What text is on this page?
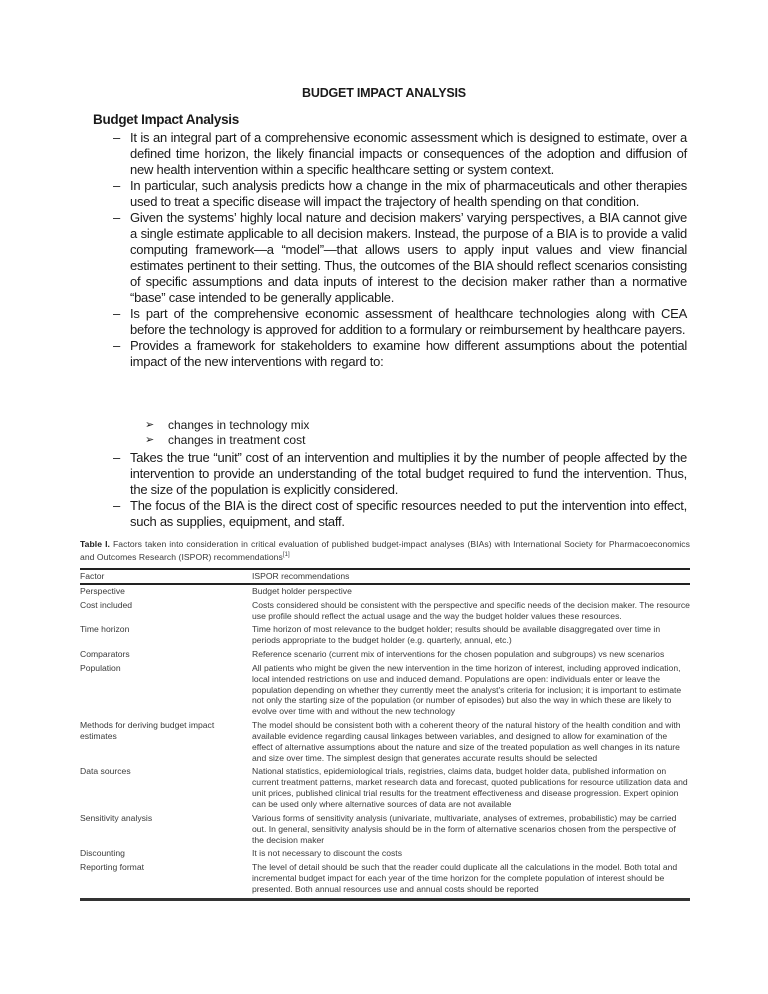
BUDGET IMPACT ANALYSIS
Budget Impact Analysis
– It is an integral part of a comprehensive economic assessment which is designed to estimate, over a defined time horizon, the likely financial impacts or consequences of the adoption and diffusion of new health intervention within a specific healthcare setting or system context.
– In particular, such analysis predicts how a change in the mix of pharmaceuticals and other therapies used to treat a specific disease will impact the trajectory of health spending on that condition.
– Given the systems’ highly local nature and decision makers’ varying perspectives, a BIA cannot give a single estimate applicable to all decision makers. Instead, the purpose of a BIA is to provide a valid computing framework—a “model”—that allows users to apply input values and view financial estimates pertinent to their setting. Thus, the outcomes of the BIA should reflect scenarios consisting of specific assumptions and data inputs of interest to the decision maker rather than a normative “base” case intended to be generally applicable.
– Is part of the comprehensive economic assessment of healthcare technologies along with CEA before the technology is approved for addition to a formulary or reimbursement by healthcare payers.
– Provides a framework for stakeholders to examine how different assumptions about the potential impact of the new interventions with regard to:
➢ changes in technology mix
➢ changes in treatment cost
– Takes the true “unit” cost of an intervention and multiplies it by the number of people affected by the intervention to provide an understanding of the total budget required to fund the intervention. Thus, the size of the population is explicitly considered.
– The focus of the BIA is the direct cost of specific resources needed to put the intervention into effect, such as supplies, equipment, and staff.
Table I. Factors taken into consideration in critical evaluation of published budget-impact analyses (BIAs) with International Society for Pharmacoeconomics and Outcomes Research (ISPOR) recommendations[1]
Factor	ISPOR recommendations
Perspective	Budget holder perspective
Cost included	Costs considered should be consistent with the perspective and specific needs of the decision maker. The resource use profile should reflect the actual usage and the way the budget holder values these resources.
Time horizon	Time horizon of most relevance to the budget holder; results should be available disaggregated over time in periods appropriate to the budget holder (e.g. quarterly, annual, etc.)
Comparators	Reference scenario (current mix of interventions for the chosen population and subgroups) vs new scenarios
Population	All patients who might be given the new intervention in the time horizon of interest, including approved indication, local intended restrictions on use and induced demand. Populations are open: individuals enter or leave the population depending on whether they currently meet the analyst's criteria for inclusion; it is important to estimate not only the starting size of the population (or number of episodes) but also the way in which these are likely to evolve over time with and without the new technology
Methods for deriving budget impact estimates	The model should be consistent both with a coherent theory of the natural history of the health condition and with available evidence regarding causal linkages between variables, and designed to allow for examination of the effect of alternative assumptions about the nature and size of the treated population as well changes in its nature and size over time. The simplest design that generates accurate results should be selected
Data sources	National statistics, epidemiological trials, registries, claims data, budget holder data, published information on current treatment patterns, market research data and forecast, quoted publications for resource utilization data and unit prices, published clinical trial results for the treatment effectiveness and disease progression. Expert opinion can be used only where alternative sources of data are not available
Sensitivity analysis	Various forms of sensitivity analysis (univariate, multivariate, analyses of extremes, probabilistic) may be carried out. In general, sensitivity analysis should be in the form of alternative scenarios chosen from the perspective of the decision maker
Discounting	It is not necessary to discount the costs
Reporting format	The level of detail should be such that the reader could duplicate all the calculations in the model. Both total and incremental budget impact for each year of the time horizon for the complete population of interest should be presented. Both annual resources use and annual costs should be reported
